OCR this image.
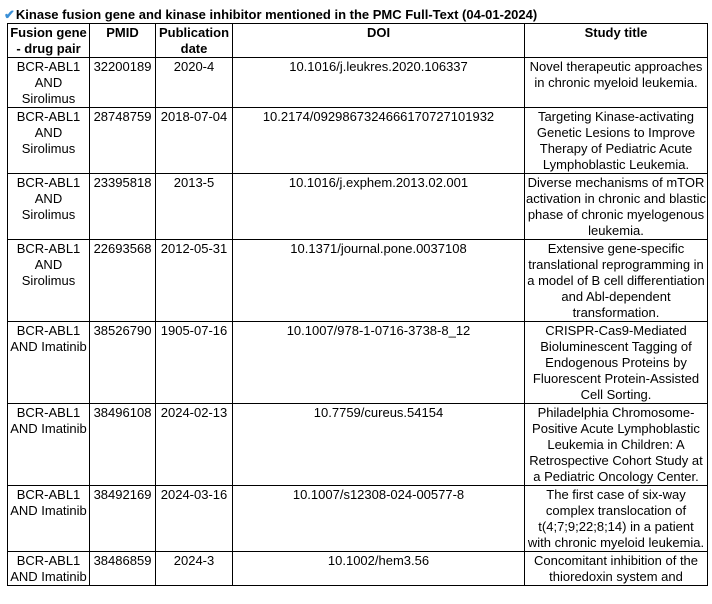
✔Kinase fusion gene and kinase inhibitor mentioned in the PMC Full-Text (04-01-2024)
Fusion gene - drug pair	PMID	Publication date	DOI	Study title
BCR-ABL1 AND Sirolimus	32200189	2020-4	10.1016/j.leukres.2020.106337	Novel therapeutic approaches in chronic myeloid leukemia.
BCR-ABL1 AND Sirolimus	28748759	2018-07-04	10.2174/0929867324666170727101932	Targeting Kinase-activating Genetic Lesions to Improve Therapy of Pediatric Acute Lymphoblastic Leukemia.
BCR-ABL1 AND Sirolimus	23395818	2013-5	10.1016/j.exphem.2013.02.001	Diverse mechanisms of mTOR activation in chronic and blastic phase of chronic myelogenous leukemia.
BCR-ABL1 AND Sirolimus	22693568	2012-05-31	10.1371/journal.pone.0037108	Extensive gene-specific translational reprogramming in a model of B cell differentiation and Abl-dependent transformation.
BCR-ABL1 AND Imatinib	38526790	1905-07-16	10.1007/978-1-0716-3738-8_12	CRISPR-Cas9-Mediated Bioluminescent Tagging of Endogenous Proteins by Fluorescent Protein-Assisted Cell Sorting.
BCR-ABL1 AND Imatinib	38496108	2024-02-13	10.7759/cureus.54154	Philadelphia Chromosome-Positive Acute Lymphoblastic Leukemia in Children: A Retrospective Cohort Study at a Pediatric Oncology Center.
BCR-ABL1 AND Imatinib	38492169	2024-03-16	10.1007/s12308-024-00577-8	The first case of six-way complex translocation of t(4;7;9;22;8;14) in a patient with chronic myeloid leukemia.
BCR-ABL1 AND Imatinib	38486859	2024-3	10.1002/hem3.56	Concomitant inhibition of the thioredoxin system and
